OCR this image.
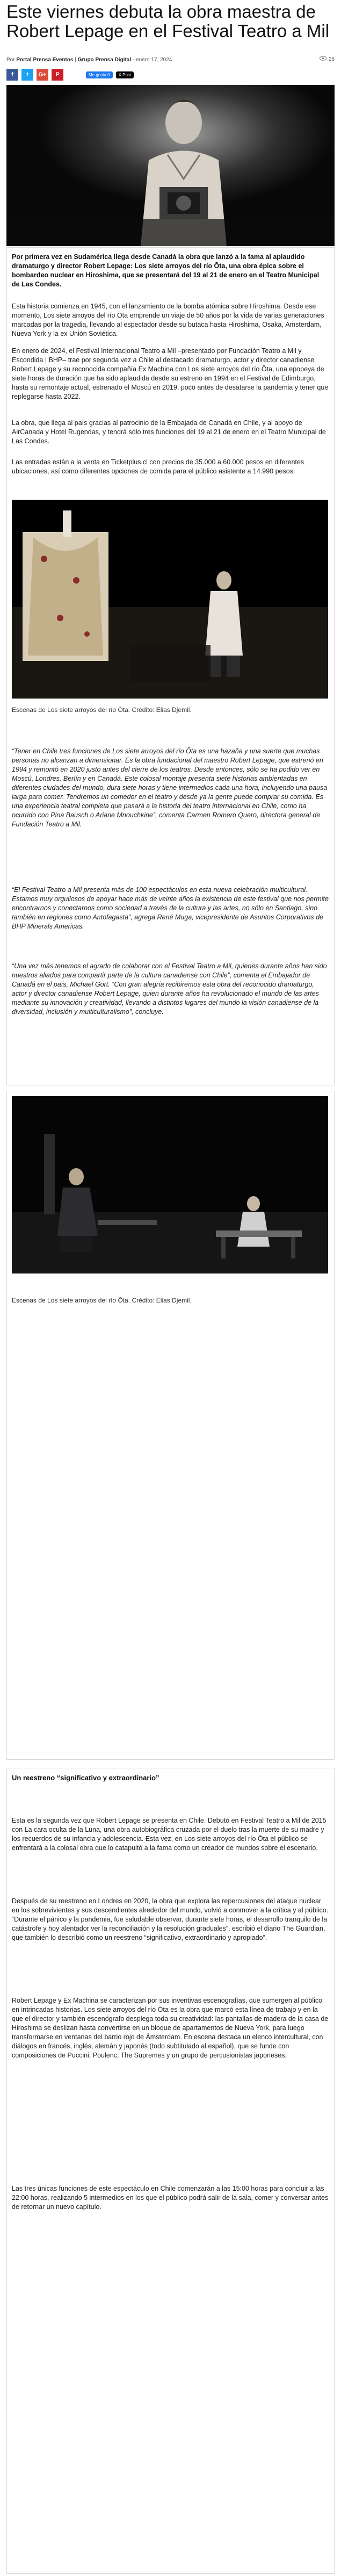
Este viernes debuta la obra maestra de Robert Lepage en el Festival Teatro a Mil
Por Portal Prensa Eventos | Grupo Prensa Digital - enero 17, 2024	26
f t G+ P	Me gusta 0	X Post

Por primera vez en Sudamérica llega desde Canadá la obra que lanzó a la fama al aplaudido dramaturgo y director Robert Lepage: Los siete arroyos del río Ōta, una obra épica sobre el bombardeo nuclear en Hiroshima, que se presentará del 19 al 21 de enero en el Teatro Municipal de Las Condes.

Esta historia comienza en 1945, con el lanzamiento de la bomba atómica sobre Hiroshima. Desde ese momento, Los siete arroyos del río Ōta emprende un viaje de 50 años por la vida de varias generaciones marcadas por la tragedia, llevando al espectador desde su butaca hasta Hiroshima, Osaka, Ámsterdam, Nueva York y la ex Unión Soviética.

En enero de 2024, el Festival Internacional Teatro a Mil –presentado por Fundación Teatro a Mil y Escondida | BHP– trae por segunda vez a Chile al destacado dramaturgo, actor y director canadiense Robert Lepage y su reconocida compañía Ex Machina con Los siete arroyos del río Ōta, una epopeya de siete horas de duración que ha sido aplaudida desde su estreno en 1994 en el Festival de Edimburgo, hasta su remontaje actual, estrenado el Moscú en 2019, poco antes de desatarse la pandemia y tener que replegarse hasta 2022.

La obra, que llega al país gracias al patrocinio de la Embajada de Canadá en Chile, y al apoyo de AirCanada y Hotel Rugendas, y tendrá sólo tres funciones del 19 al 21 de enero en el Teatro Municipal de Las Condes.

Las entradas están a la venta en Ticketplus.cl con precios de 35.000 a 60.000 pesos en diferentes ubicaciones, así como diferentes opciones de comida para el público asistente a 14.990 pesos.

Escenas de Los siete arroyos del río Ōta. Crédito: Elias Djemil.

“Tener en Chile tres funciones de Los siete arroyos del río Ōta es una hazaña y una suerte que muchas personas no alcanzan a dimensionar. Es la obra fundacional del maestro Robert Lepage, que estrenó en 1994 y remontó en 2020 justo antes del cierre de los teatros. Desde entonces, sólo se ha podido ver en Moscú, Londres, Berlín y en Canadá. Este colosal montaje presenta siete historias ambientadas en diferentes ciudades del mundo, dura siete horas y tiene intermedios cada una hora, incluyendo una pausa larga para comer. Tendremos un comedor en el teatro y desde ya la gente puede comprar su comida. Es una experiencia teatral completa que pasará a la historia del teatro internacional en Chile, como ha ocurrido con Pina Bausch o Ariane Mnouchkine”, comenta Carmen Romero Quero, directora general de Fundación Teatro a Mil.

“El Festival Teatro a Mil presenta más de 100 espectáculos en esta nueva celebración multicultural. Estamos muy orgullosos de apoyar hace más de veinte años la existencia de este festival que nos permite encontrarnos y conectarnos como sociedad a través de la cultura y las artes, no sólo en Santiago, sino también en regiones como Antofagasta”, agrega René Muga, vicepresidente de Asuntos Corporativos de BHP Minerals Americas.

“Una vez más tenemos el agrado de colaborar con el Festival Teatro a Mil, quienes durante años han sido nuestros aliados para compartir parte de la cultura canadiense con Chile”, comenta el Embajador de Canadá en el país, Michael Gort. “Con gran alegría recibiremos esta obra del reconocido dramaturgo, actor y director canadiense Robert Lepage, quien durante años ha revolucionado el mundo de las artes mediante su innovación y creatividad, llevando a distintos lugares del mundo la visión canadiense de la diversidad, inclusión y multiculturalismo”, concluye.

Escenas de Los siete arroyos del río Ōta. Crédito: Elias Djemil.

Un reestreno “significativo y extraordinario”

Esta es la segunda vez que Robert Lepage se presenta en Chile. Debutó en Festival Teatro a Mil de 2015 con La cara oculta de la Luna, una obra autobiográfica cruzada por el duelo tras la muerte de su madre y los recuerdos de su infancia y adolescencia. Esta vez, en Los siete arroyos del río Ōta el público se enfrentará a la colosal obra que lo catapultó a la fama como un creador de mundos sobre el escenario.

Después de su reestreno en Londres en 2020, la obra que explora las repercusiones del ataque nuclear en los sobrevivientes y sus descendientes alrededor del mundo, volvió a conmover a la crítica y al público. “Durante el pánico y la pandemia, fue saludable observar, durante siete horas, el desarrollo tranquilo de la catástrofe y hoy alentador ver la reconciliación y la resolución graduales”, escribió el diario The Guardian, que también lo describió como un reestreno “significativo, extraordinario y apropiado”.

Robert Lepage y Ex Machina se caracterizan por sus inventivas escenografías, que sumergen al público en intrincadas historias. Los siete arroyos del río Ōta es la obra que marcó esta línea de trabajo y en la que el director y también escenógrafo desplega toda su creatividad: las pantallas de madera de la casa de Hiroshima se deslizan hasta convertirse en un bloque de apartamentos de Nueva York, para luego transformarse en ventanas del barrio rojo de Ámsterdam. En escena destaca un elenco intercultural, con diálogos en francés, inglés, alemán y japonés (todo subtitulado al español), que se funde con composiciones de Puccini, Poulenc, The Supremes y un grupo de percusionistas japoneses.

Las tres únicas funciones de este espectáculo en Chile comenzarán a las 15:00 horas para concluir a las 22:00 horas, realizando 5 intermedios en los que el público podrá salir de la sala, comer y conversar antes de retornar un nuevo capítulo.
